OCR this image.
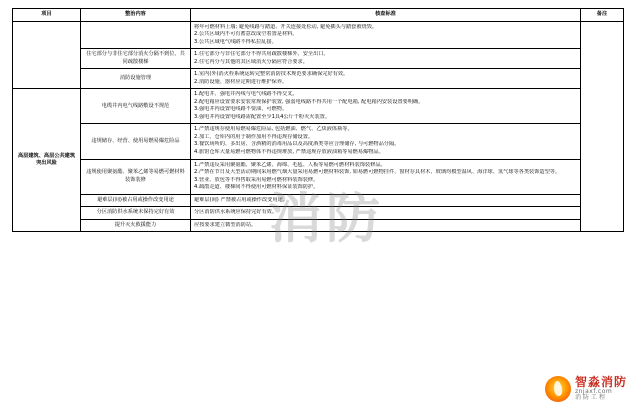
项目	整治内容	核查标准	备注

		将年可燃材料上墙; 避免线路与踏道、开关连接处松动, 避免插头与踏套被烧毁。
2.公共区域内不可有蓄意改成空着置是材料。
3.公共区域电气线路不得私拉乱接。	

	住宅部分与非住宅部分消火分隔不到位、共同疏散楼梯	1.住宅部分与非住宅部分不得共用疏散楼梯外、安全出口。
2.住宅内分与其他的其区域消火分隔应符合要求。	

	消防设施管理	1.室内(外)消火栓系统运转完整常消防技术规范要求确保完好有效。
2.消防设施、器材应定期进行维护保养。	

高层建筑、高层公共建筑突出风险	电缆井内电气线路敷设不规范	1.配电井、强电井内线与电气线路不得交叉。
2.配电箱应设置要求安装常规保护装置, 强弱电线路不得共用一个配电箱, 配电箱内安装设置要明确。
3.强电井内设置电线路不要油、可燃物。
3.强电井内设置电线路需配置至少1具4公斤干粉灭火装置。	

	违规储存、经营、使用易燃易爆危险品	1.严禁违规存使用易燃易爆危险品, 包括燃油、燃气、乙炔液体瓶等。
2.加工、仓库内的用于制作加用不得违规存储设置。
3.餐饮场所的、多出房、含酒精的消毒用品以及高度酒类等应合理储存, 与可燃物品分隔。
4.旅馆仓库大量易燃可燃物体不得违规堆放, 严禁违规存放液油箱等易燃易爆物品。	

	违规使用聚氨酯、聚苯乙烯等易燃可燃材料装饰装修	1.严禁违反采用聚氨酯、聚苯乙烯、海绵、毛毡、人板等易燃可燃材料装饰装修品。
2.严禁在节日及大型活动期间采用燃气烟大量采用易燃可燃材料装饰, 如易燃可燃物挂件、窗材存具材木、玻璃均模型温风、海洋球、氢气球等各类装饰造型等。
3.营业、放包等不得售取采用易燃可燃材料装饰装修。
4.疏散走道、楼梯间不得使用可燃材料保证装饰防护。	

	避难层(间)被占用或操作改变用途	避难层(间) 严禁被占用或操作改变用途。	

	分区消防供水系统未保持完好有效	分区消防供水系统应保持完好有效。	

	提升灭火救援能力	应按要求建立微型消防站。	消防
智淼消防
znjaxf.com
消防工程
